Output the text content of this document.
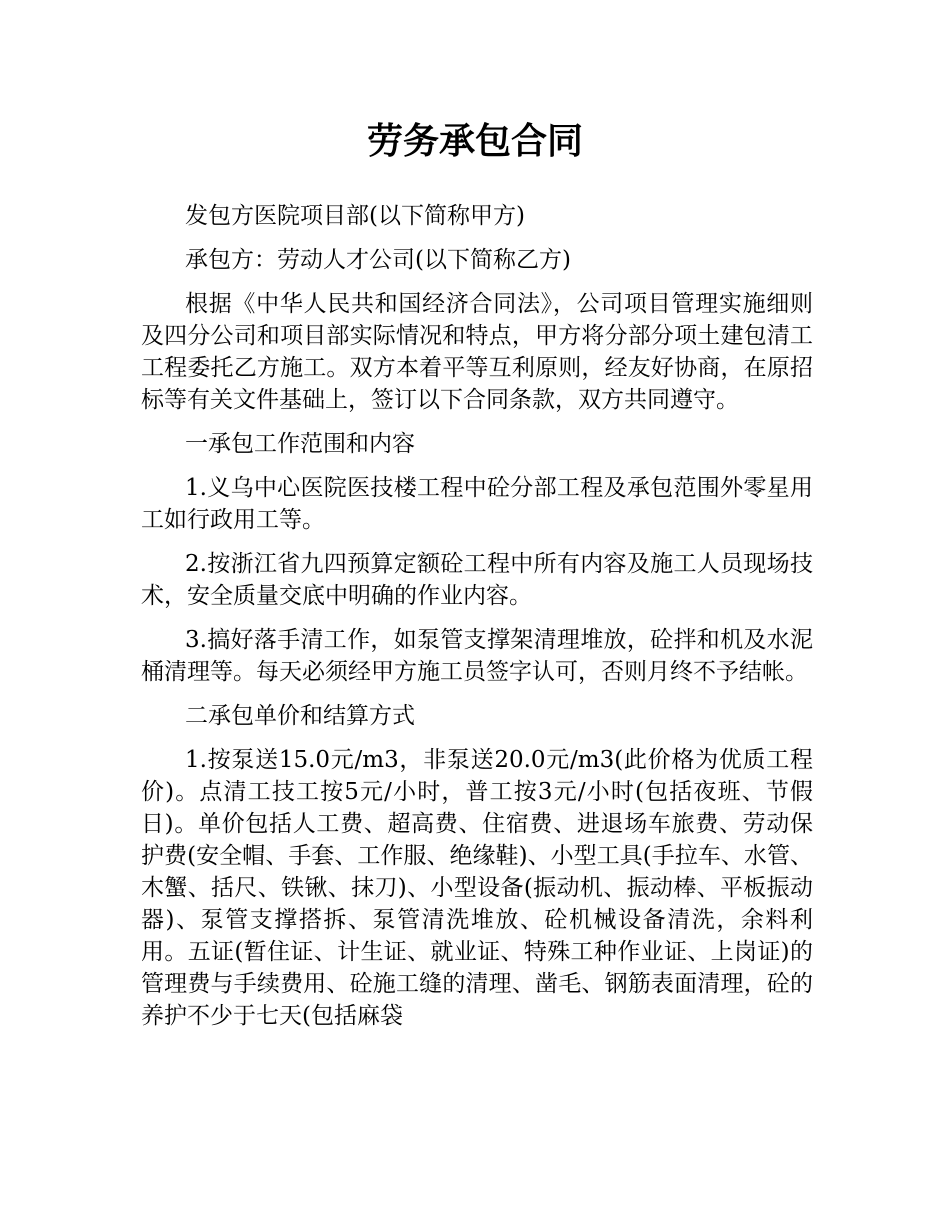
劳务承包合同

发包方医院项目部(以下简称甲方)

承包方：劳动人才公司(以下简称乙方)

根据《中华人民共和国经济合同法》，公司项目管理实施细则及四分公司和项目部实际情况和特点，甲方将分部分项土建包清工工程委托乙方施工。双方本着平等互利原则，经友好协商，在原招标等有关文件基础上，签订以下合同条款，双方共同遵守。

一承包工作范围和内容

1.义乌中心医院医技楼工程中砼分部工程及承包范围外零星用工如行政用工等。

2.按浙江省九四预算定额砼工程中所有内容及施工人员现场技术，安全质量交底中明确的作业内容。

3.搞好落手清工作，如泵管支撑架清理堆放，砼拌和机及水泥桶清理等。每天必须经甲方施工员签字认可，否则月终不予结帐。

二承包单价和结算方式

1.按泵送15.0元/m3，非泵送20.0元/m3(此价格为优质工程价)。点清工技工按5元/小时，普工按3元/小时(包括夜班、节假日)。单价包括人工费、超高费、住宿费、进退场车旅费、劳动保护费(安全帽、手套、工作服、绝缘鞋)、小型工具(手拉车、水管、木蟹、括尺、铁锹、抹刀)、小型设备(振动机、振动棒、平板振动器)、泵管支撑搭拆、泵管清洗堆放、砼机械设备清洗，余料利用。五证(暂住证、计生证、就业证、特殊工种作业证、上岗证)的管理费与手续费用、砼施工缝的清理、凿毛、钢筋表面清理，砼的养护不少于七天(包括麻袋
